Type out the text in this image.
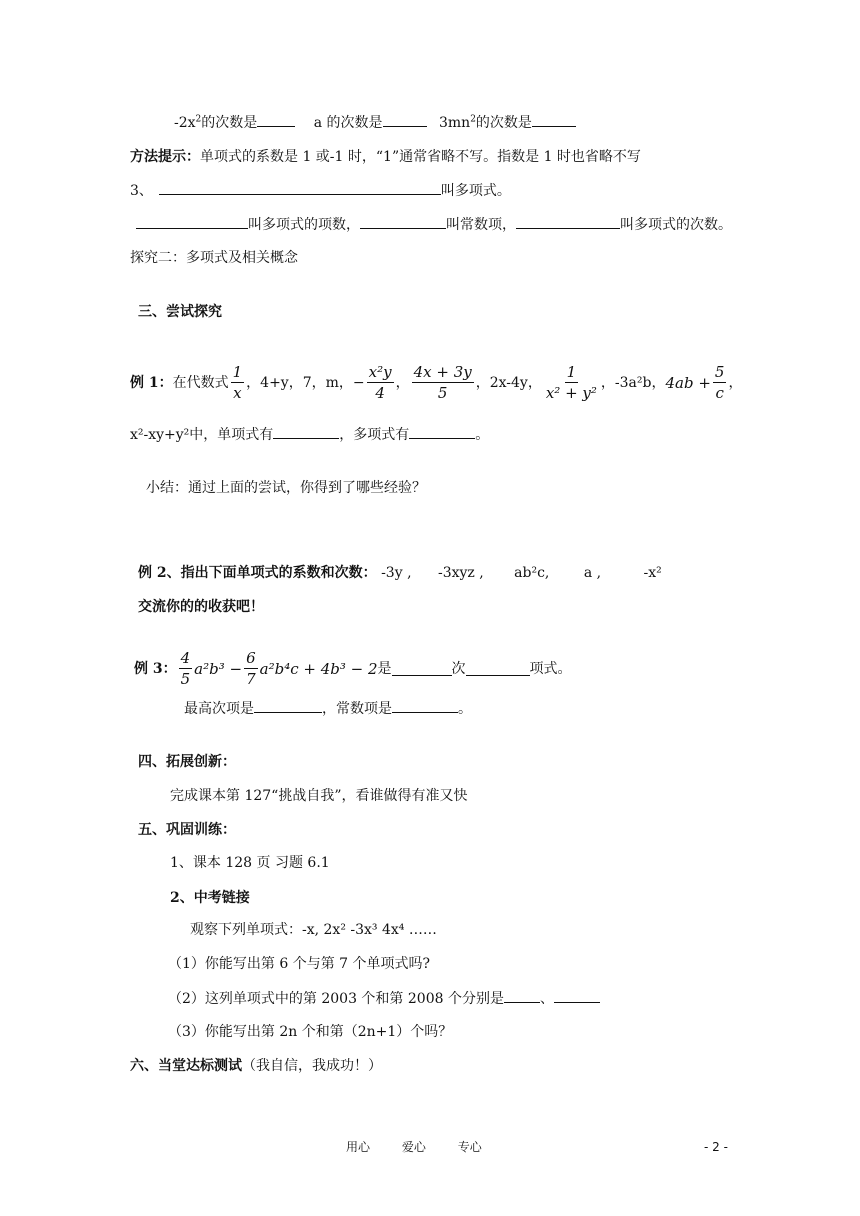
$-2x^2$的次数是	a 的次数是	$3mn^2$的次数是
方法提示：单项式的系数是 1 或-1 时，“1”通常省略不写。指数是 1 时也省略不写
3、	叫多项式。
叫多项式的项数，	叫常数项，	叫多项式的次数。
探究二：多项式及相关概念
三、尝试探究
例 1： 在代数式 $\frac{1}{x}$ ，4+y，7，m，− $\frac{\text{x²y}}{4}$ ， $\frac{4x + 3y}{5}$ ，2x-4y， $\frac{1}{\text{x² + y²}}$ ，-3a²b， $4ab + \frac{5}{c}$ ，
x²-xy+y²中，单项式有	，多项式有	。
小结：通过上面的尝试，你得到了哪些经验？
例 2、指出下面单项式的系数和次数： -3y , -3xyz , ab²c, a ,	-x²
交流你的的收获吧！
例 3： $\frac{4}{5} a^2b^3 - \frac{6}{7} a^2b^4c + 4b^3 - 2$ 是	次	项式。
最高次项是	，常数项是	。
四、拓展创新：
完成课本第 127“挑战自我”，看谁做得有准又快
五、巩固训练：
1、课本 128 页 习题 6.1
2、中考链接
观察下列单项式：-x, 2x² -3x³ 4x⁴ ……
（1）你能写出第 6 个与第 7 个单项式吗?
（2）这列单项式中的第 2003 个和第 2008 个分别是	、
（3）你能写出第 2n 个和第（2n+1）个吗？
六、当堂达标测试（我自信，我成功！）
用心	爱心	专心	- 2 -
